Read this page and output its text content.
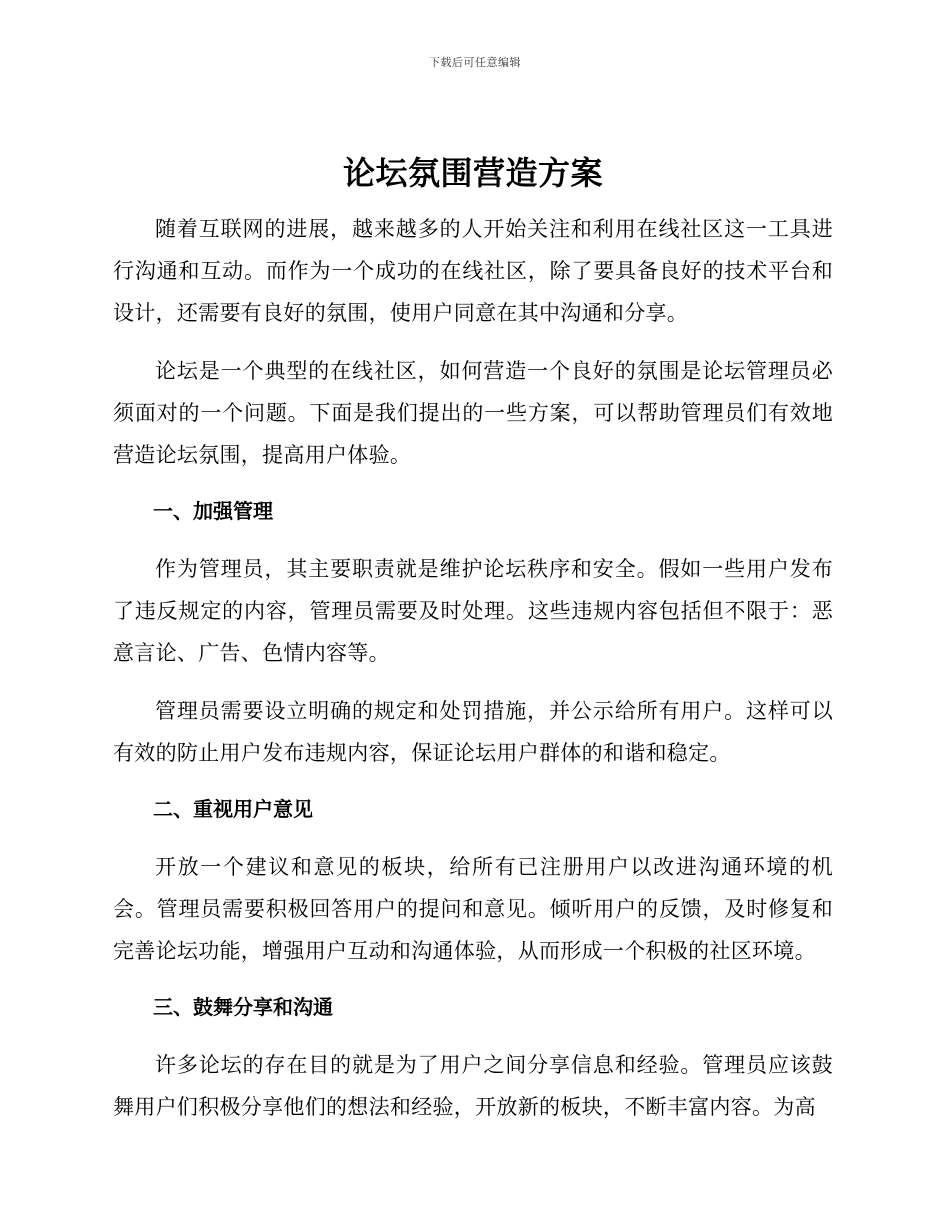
下载后可任意编辑
论坛氛围营造方案

随着互联网的进展，越来越多的人开始关注和利用在线社区这一工具进行沟通和互动。而作为一个成功的在线社区，除了要具备良好的技术平台和设计，还需要有良好的氛围，使用户同意在其中沟通和分享。

论坛是一个典型的在线社区，如何营造一个良好的氛围是论坛管理员必须面对的一个问题。下面是我们提出的一些方案，可以帮助管理员们有效地营造论坛氛围，提高用户体验。

一、加强管理

作为管理员，其主要职责就是维护论坛秩序和安全。假如一些用户发布了违反规定的内容，管理员需要及时处理。这些违规内容包括但不限于：恶意言论、广告、色情内容等。

管理员需要设立明确的规定和处罚措施，并公示给所有用户。这样可以有效的防止用户发布违规内容，保证论坛用户群体的和谐和稳定。

二、重视用户意见

开放一个建议和意见的板块，给所有已注册用户以改进沟通环境的机会。管理员需要积极回答用户的提问和意见。倾听用户的反馈，及时修复和完善论坛功能，增强用户互动和沟通体验，从而形成一个积极的社区环境。

三、鼓舞分享和沟通

许多论坛的存在目的就是为了用户之间分享信息和经验。管理员应该鼓舞用户们积极分享他们的想法和经验，开放新的板块，不断丰富内容。为高
